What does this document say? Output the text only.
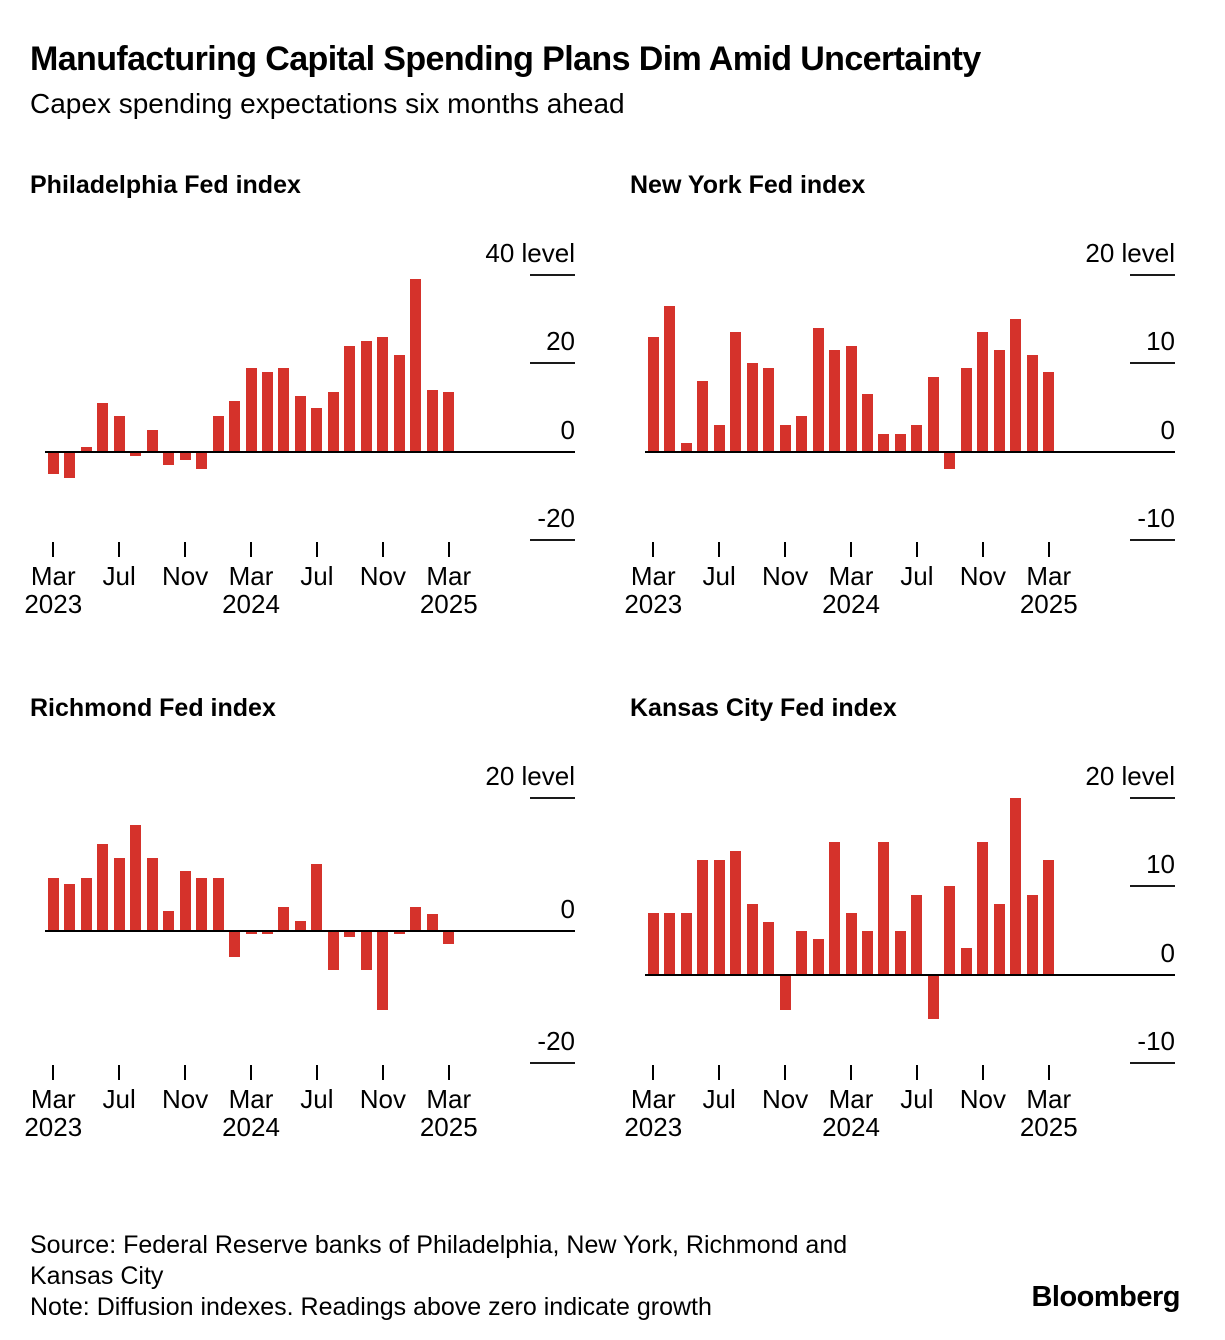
Manufacturing Capital Spending Plans Dim Amid Uncertainty
Capex spending expectations six months ahead
Philadelphia Fed index
40 level
20
0
-20
Mar
2023
Jul	Nov Mar
2024
Jul	Nov Mar
2025
New York Fed index
20 level
10
0
-10
Mar
2023
Jul	Nov Mar
2024
Jul	Nov Mar
2025
Richmond Fed index
20 level
0
-20
Mar
2023
Jul	Nov Mar
2024
Jul	Nov Mar
2025
Kansas City Fed index
20 level
10
0
-10
Mar
2023
Jul	Nov Mar
2024
Jul	Nov Mar
2025
Source: Federal Reserve banks of Philadelphia, New York, Richmond and
Kansas City
Note: Diffusion indexes. Readings above zero indicate growth	Bloomberg
